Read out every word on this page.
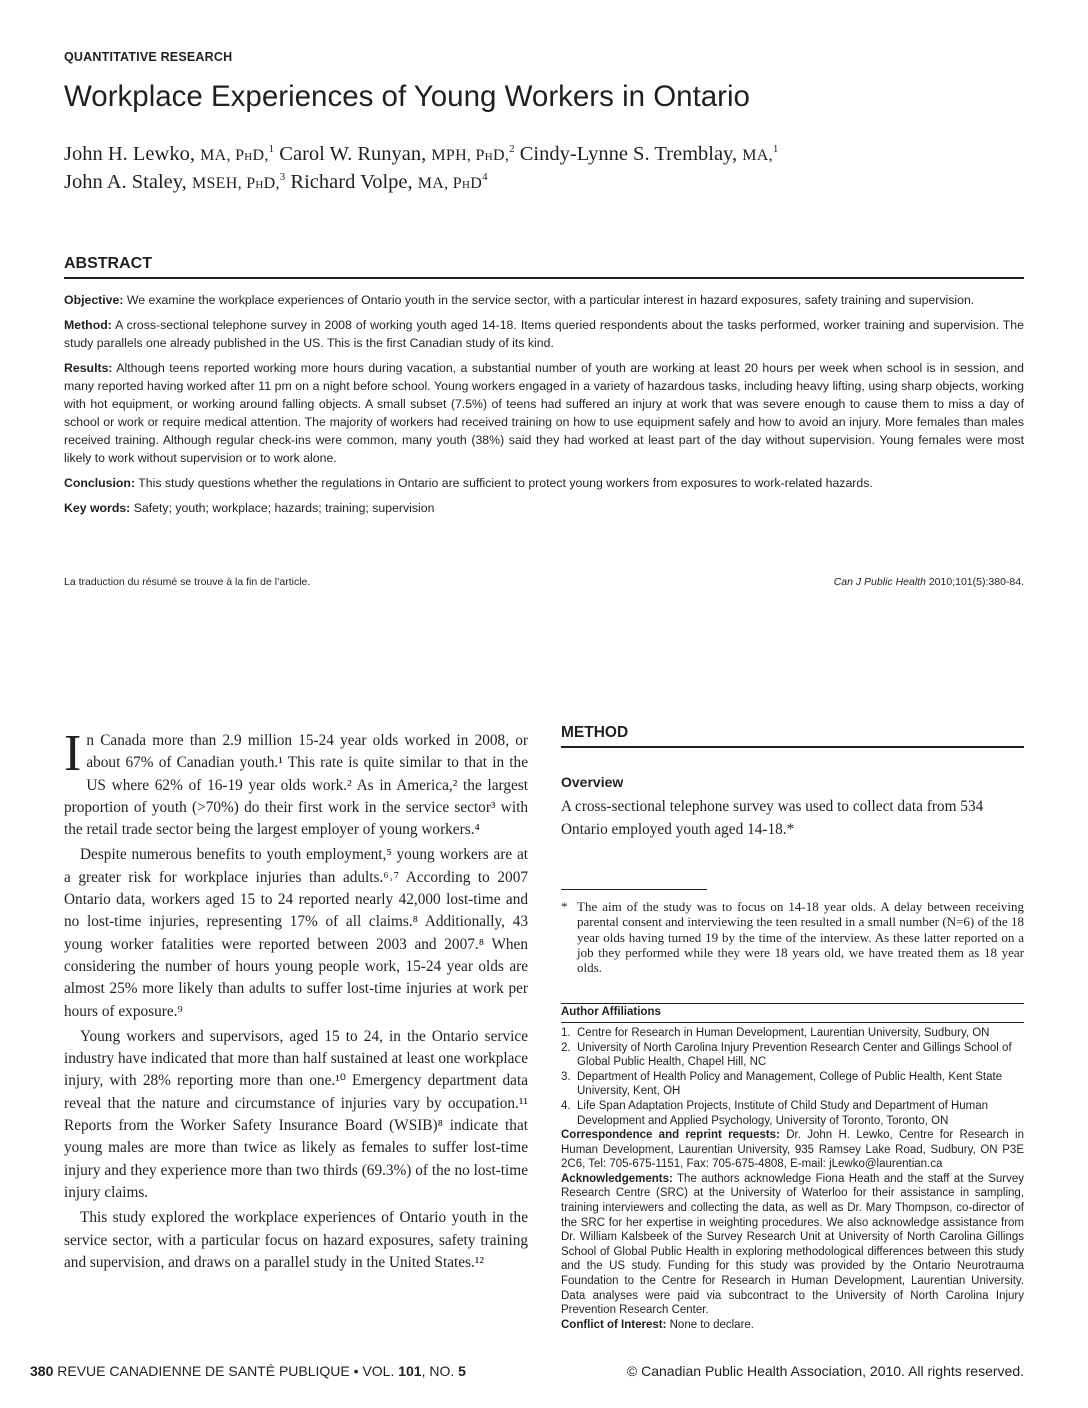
QUANTITATIVE RESEARCH
Workplace Experiences of Young Workers in Ontario
John H. Lewko, MA, PhD,$^1$ Carol W. Runyan, MPH, PhD,$^2$ Cindy-Lynne S. Tremblay, MA,$^1$
John A. Staley, MSEH, PhD,$^3$ Richard Volpe, MA, PhD$^4$
ABSTRACT

Objective: We examine the workplace experiences of Ontario youth in the service sector, with a particular interest in hazard exposures, safety training and supervision.

Method: A cross-sectional telephone survey in 2008 of working youth aged 14-18. Items queried respondents about the tasks performed, worker training and supervision. The study parallels one already published in the US. This is the first Canadian study of its kind.

Results: Although teens reported working more hours during vacation, a substantial number of youth are working at least 20 hours per week when school is in session, and many reported having worked after 11 pm on a night before school. Young workers engaged in a variety of hazardous tasks, including heavy lifting, using sharp objects, working with hot equipment, or working around falling objects. A small subset (7.5%) of teens had suffered an injury at work that was severe enough to cause them to miss a day of school or work or require medical attention. The majority of workers had received training on how to use equipment safely and how to avoid an injury. More females than males received training. Although regular check-ins were common, many youth (38%) said they had worked at least part of the day without supervision. Young females were most likely to work without supervision or to work alone.

Conclusion: This study questions whether the regulations in Ontario are sufficient to protect young workers from exposures to work-related hazards.

Key words: Safety; youth; workplace; hazards; training; supervision

La traduction du résumé se trouve à la fin de l’article.	Can J Public Health 2010;101(5):380-84.

In Canada more than 2.9 million 15-24 year olds worked in 2008, or about 67% of Canadian youth.¹ This rate is quite similar to that in the US where 62% of 16-19 year olds work.² As in America,² the largest proportion of youth (>70%) do their first work in the service sector³ with the retail trade sector being the largest employer of young workers.⁴

Despite numerous benefits to youth employment,⁵ young workers are at a greater risk for workplace injuries than adults.⁶˒⁷ According to 2007 Ontario data, workers aged 15 to 24 reported nearly 42,000 lost-time and no lost-time injuries, representing 17% of all claims.⁸ Additionally, 43 young worker fatalities were reported between 2003 and 2007.⁸ When considering the number of hours young people work, 15-24 year olds are almost 25% more likely than adults to suffer lost-time injuries at work per hours of exposure.⁹

Young workers and supervisors, aged 15 to 24, in the Ontario service industry have indicated that more than half sustained at least one workplace injury, with 28% reporting more than one.¹⁰ Emergency department data reveal that the nature and circumstance of injuries vary by occupation.¹¹ Reports from the Worker Safety Insurance Board (WSIB)⁸ indicate that young males are more than twice as likely as females to suffer lost-time injury and they experience more than two thirds (69.3%) of the no lost-time injury claims.

This study explored the workplace experiences of Ontario youth in the service sector, with a particular focus on hazard exposures, safety training and supervision, and draws on a parallel study in the United States.¹²

METHOD
Overview
A cross-sectional telephone survey was used to collect data from 534 Ontario employed youth aged 14-18.*
* The aim of the study was to focus on 14-18 year olds. A delay between receiving parental consent and interviewing the teen resulted in a small number (N=6) of the 18 year olds having turned 19 by the time of the interview. As these latter reported on a job they performed while they were 18 years old, we have treated them as 18 year olds.
Author Affiliations
1. Centre for Research in Human Development, Laurentian University, Sudbury, ON
2. University of North Carolina Injury Prevention Research Center and Gillings School of Global Public Health, Chapel Hill, NC
3. Department of Health Policy and Management, College of Public Health, Kent State University, Kent, OH
4. Life Span Adaptation Projects, Institute of Child Study and Department of Human Development and Applied Psychology, University of Toronto, Toronto, ON

Correspondence and reprint requests: Dr. John H. Lewko, Centre for Research in Human Development, Laurentian University, 935 Ramsey Lake Road, Sudbury, ON P3E 2C6, Tel: 705-675-1151, Fax: 705-675-4808, E-mail: jLewko@laurentian.ca

Acknowledgements: The authors acknowledge Fiona Heath and the staff at the Survey Research Centre (SRC) at the University of Waterloo for their assistance in sampling, training interviewers and collecting the data, as well as Dr. Mary Thompson, co-director of the SRC for her expertise in weighting procedures. We also acknowledge assistance from Dr. William Kalsbeek of the Survey Research Unit at University of North Carolina Gillings School of Global Public Health in exploring methodological differences between this study and the US study. Funding for this study was provided by the Ontario Neurotrauma Foundation to the Centre for Research in Human Development, Laurentian University. Data analyses were paid via subcontract to the University of North Carolina Injury Prevention Research Center.

Conflict of Interest: None to declare.

380 REVUE CANADIENNE DE SANTÉ PUBLIQUE • VOL. 101, NO. 5	© Canadian Public Health Association, 2010. All rights reserved.
